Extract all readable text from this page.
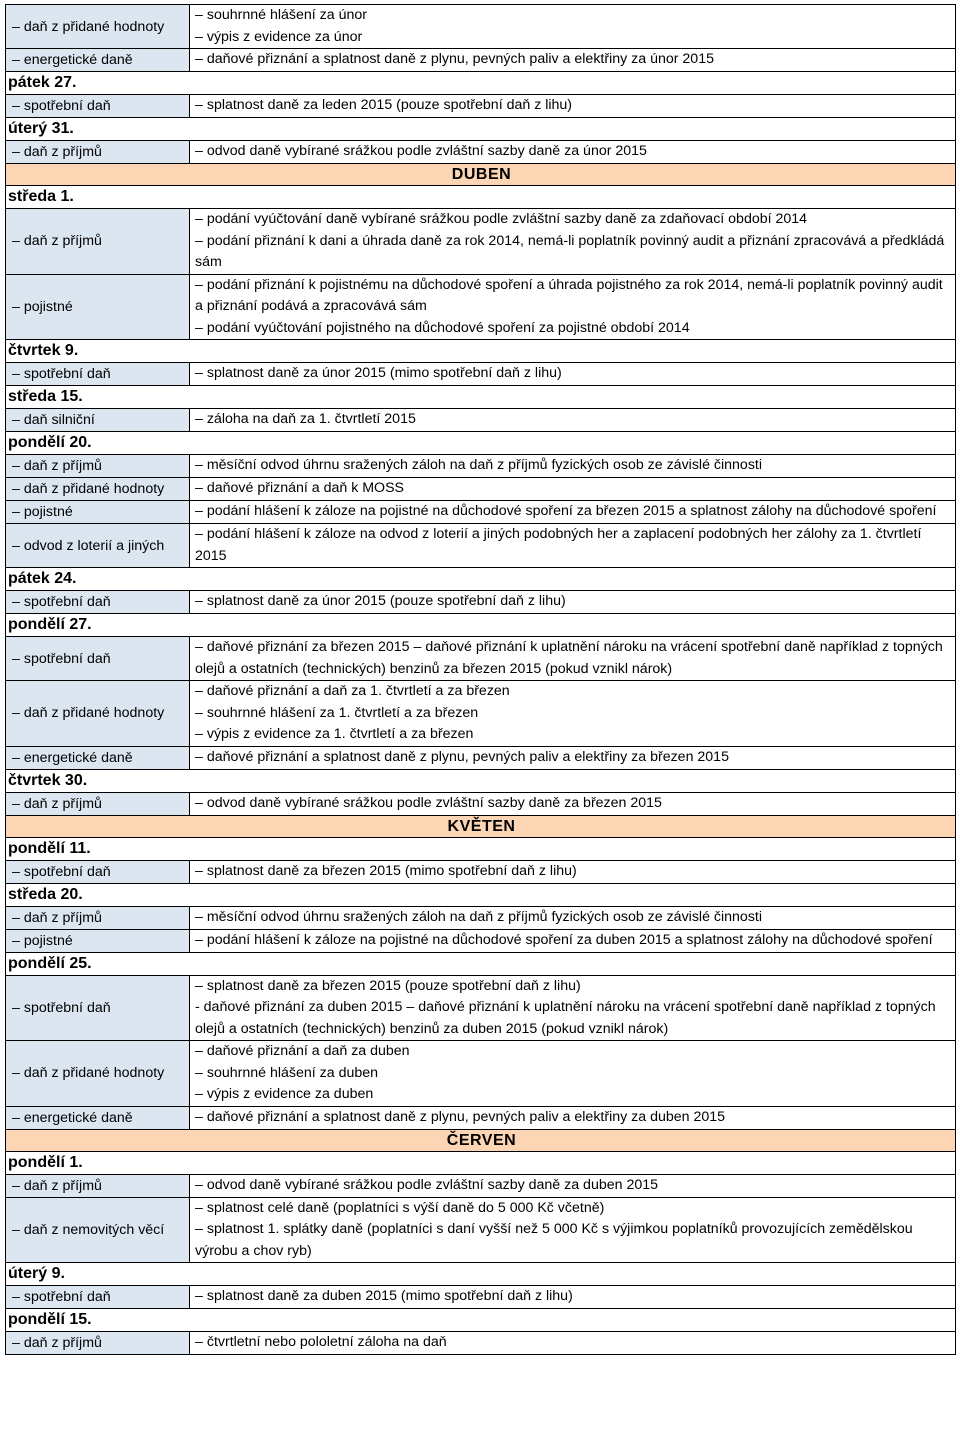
– daň z přidané hodnoty	– souhrnné hlášení za únor
– výpis z evidence za únor

– energetické daně	– daňové přiznání a splatnost daně z plynu, pevných paliv a elektřiny za únor 2015

pátek 27.	
– spotřební daň	– splatnost daně za leden 2015 (pouze spotřební daň z lihu)

úterý 31.	
– daň z příjmů	– odvod daně vybírané srážkou podle zvláštní sazby daně za únor 2015

DUBEN	
středa 1.	
– daň z příjmů	– podání vyúčtování daně vybírané srážkou podle zvláštní sazby daně za zdaňovací období 2014
– podání přiznání k dani a úhrada daně za rok 2014, nemá-li poplatník povinný audit a přiznání zpracovává a předkládá sám

– pojistné	– podání přiznání k pojistnému na důchodové spoření a úhrada pojistného za rok 2014, nemá-li poplatník povinný audit a přiznání podává a zpracovává sám
– podání vyúčtování pojistného na důchodové spoření za pojistné období 2014

čtvrtek 9.	
– spotřební daň	– splatnost daně za únor 2015 (mimo spotřební daň z lihu)

středa 15.	
– daň silniční	– záloha na daň za 1. čtvrtletí 2015

pondělí 20.	
– daň z příjmů	– měsíční odvod úhrnu sražených záloh na daň z příjmů fyzických osob ze závislé činnosti

– daň z přidané hodnoty	– daňové přiznání a daň k MOSS

– pojistné	– podání hlášení k záloze na pojistné na důchodové spoření za březen 2015 a splatnost zálohy na důchodové spoření

– odvod z loterií a jiných	– podání hlášení k záloze na odvod z loterií a jiných podobných her a zaplacení podobných her zálohy za 1. čtvrtletí 2015

pátek 24.	
– spotřební daň	– splatnost daně za únor 2015 (pouze spotřební daň z lihu)

pondělí 27.	
– spotřební daň	– daňové přiznání za březen 2015 – daňové přiznání k uplatnění nároku na vrácení spotřební daně například z topných olejů a ostatních (technických) benzinů za březen 2015 (pokud vznikl nárok)

– daň z přidané hodnoty	– daňové přiznání a daň za 1. čtvrtletí a za březen
– souhrnné hlášení za 1. čtvrtletí a za březen
– výpis z evidence za 1. čtvrtletí a za březen

– energetické daně	– daňové přiznání a splatnost daně z plynu, pevných paliv a elektřiny za březen 2015

čtvrtek 30.	
– daň z příjmů	– odvod daně vybírané srážkou podle zvláštní sazby daně za březen 2015

KVĚTEN	
pondělí 11.	
– spotřební daň	– splatnost daně za březen 2015 (mimo spotřební daň z lihu)

středa 20.	
– daň z příjmů	– měsíční odvod úhrnu sražených záloh na daň z příjmů fyzických osob ze závislé činnosti

– pojistné	– podání hlášení k záloze na pojistné na důchodové spoření za duben 2015 a splatnost zálohy na důchodové spoření

pondělí 25.	
– spotřební daň	– splatnost daně za březen 2015 (pouze spotřební daň z lihu)
- daňové přiznání za duben 2015 – daňové přiznání k uplatnění nároku na vrácení spotřební daně například z topných olejů a ostatních (technických) benzinů za duben 2015 (pokud vznikl nárok)

– daň z přidané hodnoty	– daňové přiznání a daň za duben
– souhrnné hlášení za duben
– výpis z evidence za duben

– energetické daně	– daňové přiznání a splatnost daně z plynu, pevných paliv a elektřiny za duben 2015

ČERVEN	
pondělí 1.	
– daň z příjmů	– odvod daně vybírané srážkou podle zvláštní sazby daně za duben 2015

– daň z nemovitých věcí	– splatnost celé daně (poplatníci s výší daně do 5 000 Kč včetně)
– splatnost 1. splátky daně (poplatníci s daní vyšší než 5 000 Kč s výjimkou poplatníků provozujících zemědělskou výrobu a chov ryb)

úterý 9.	
– spotřební daň	– splatnost daně za duben 2015 (mimo spotřební daň z lihu)

pondělí 15.	
– daň z příjmů	– čtvrtletní nebo pololetní záloha na daň
